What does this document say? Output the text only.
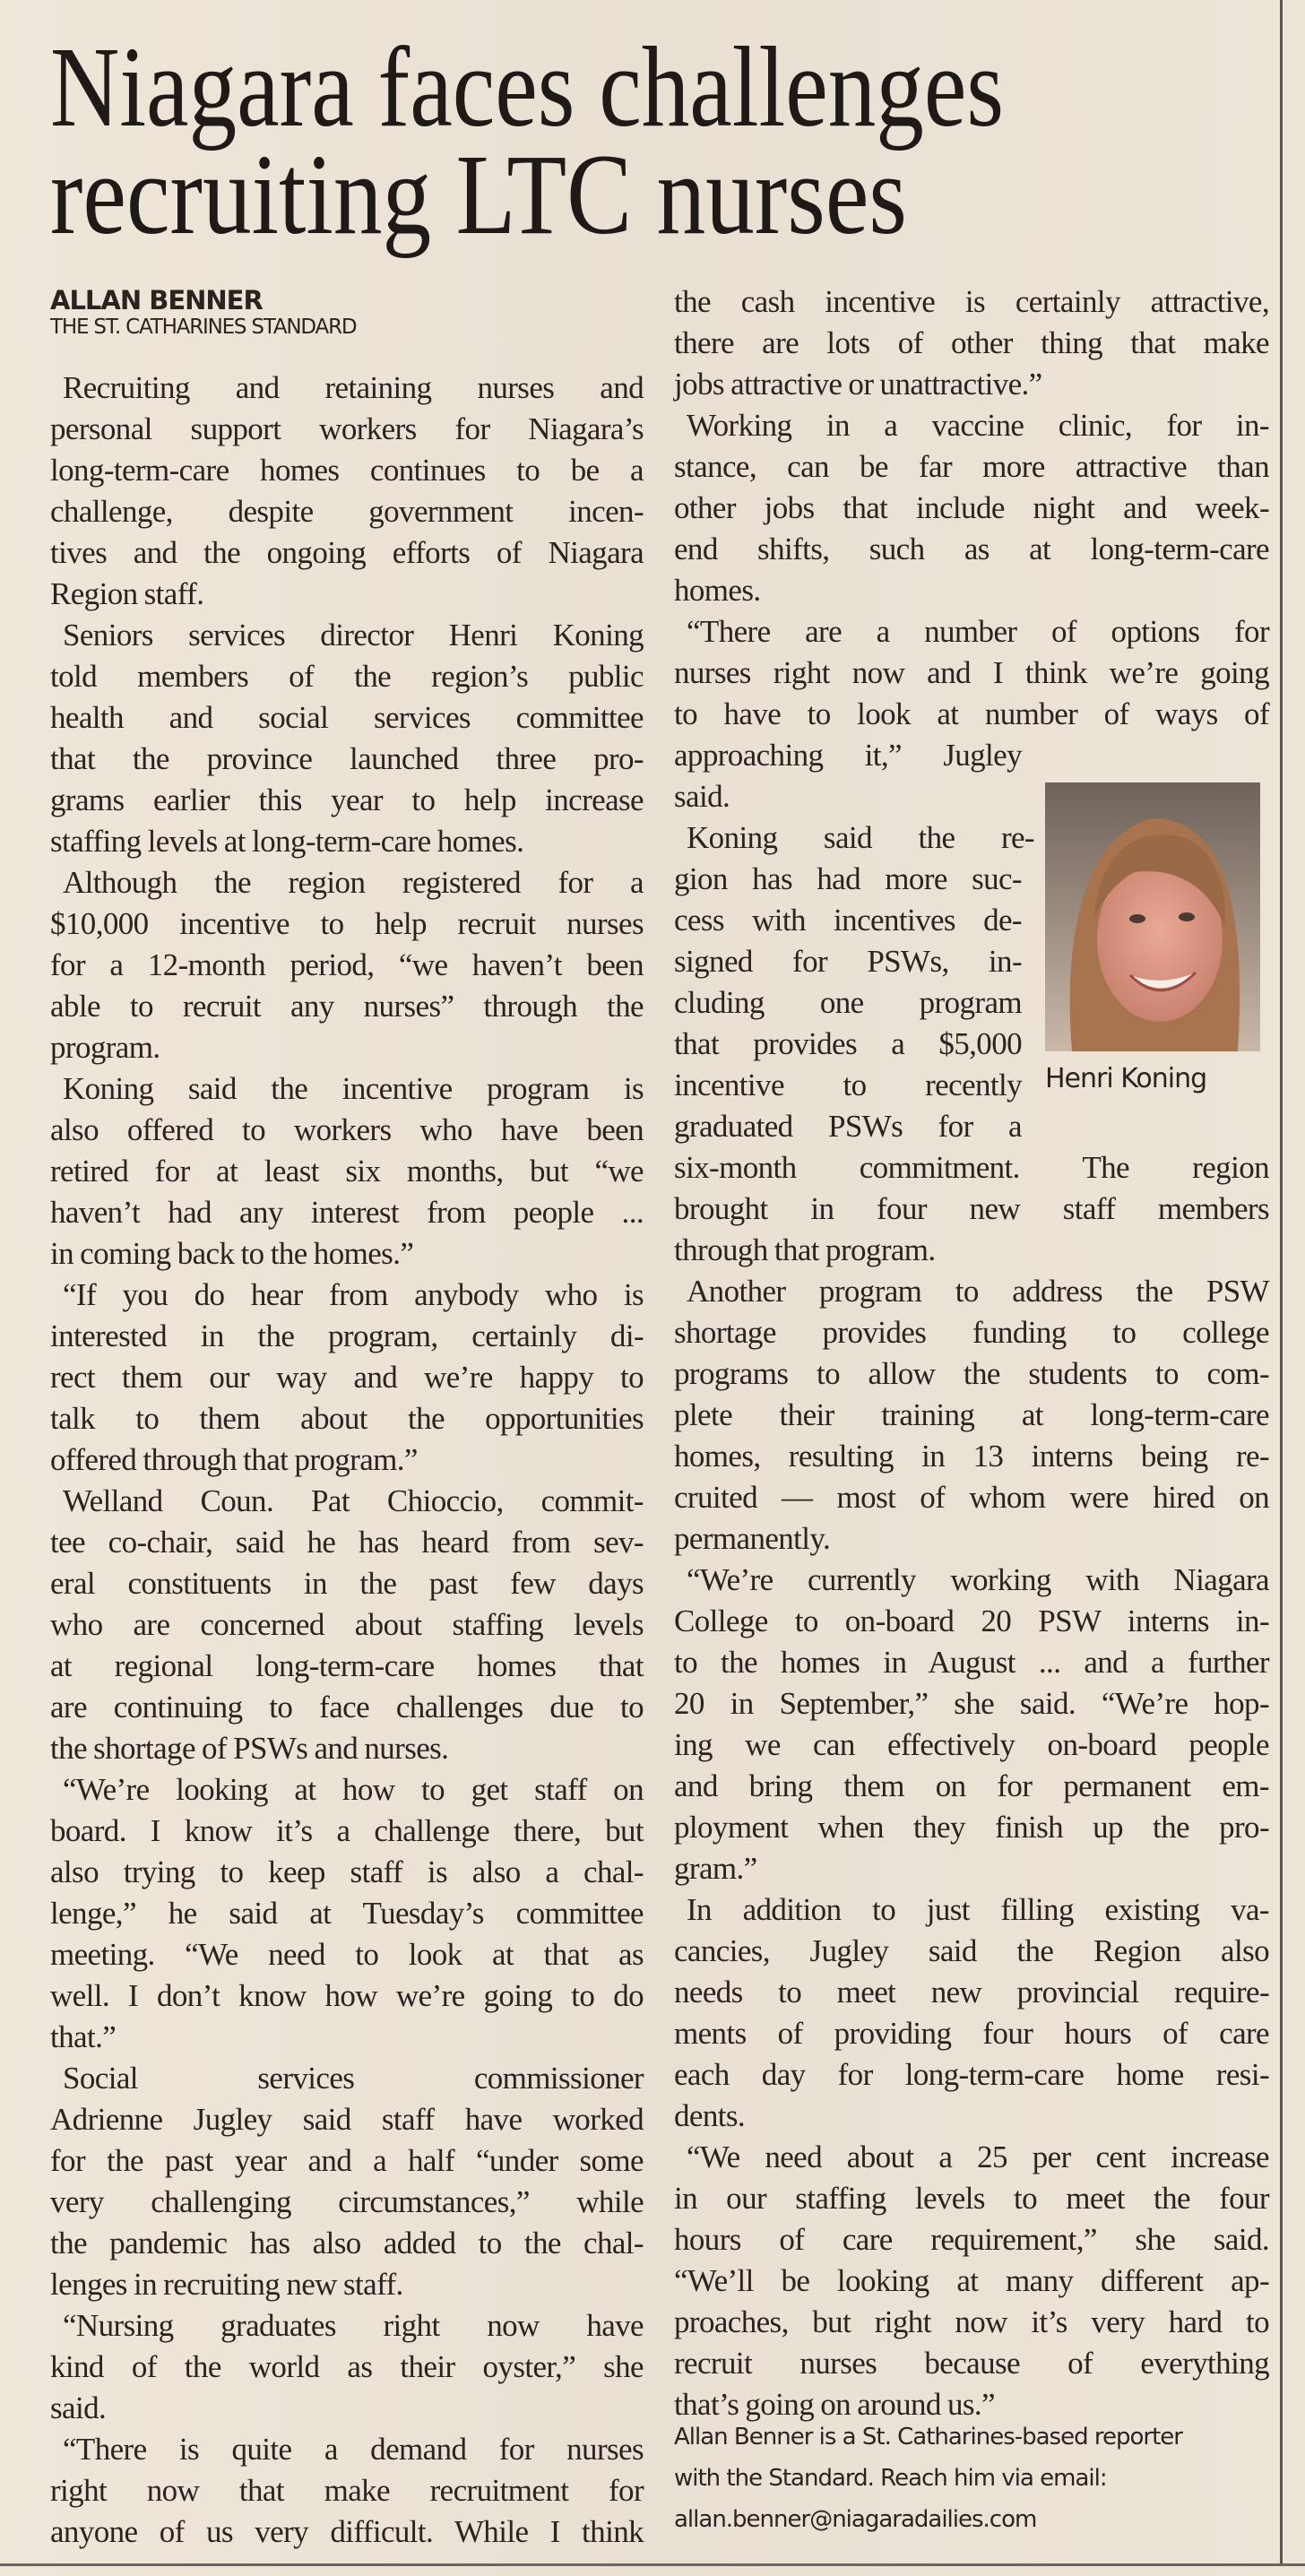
Niagara faces challenges
recruiting LTC nurses
ALLAN BENNER
THE ST. CATHARINES STANDARD
Recruiting and retaining nurses and
personal support workers for Niagara’s
long-term-care homes continues to be a
challenge, despite government incen-
tives and the ongoing efforts of Niagara
Region staff.
Seniors services director Henri Koning
told members of the region’s public
health and social services committee
that the province launched three pro-
grams earlier this year to help increase
staffing levels at long-term-care homes.
Although the region registered for a
$10,000 incentive to help recruit nurses
for a 12-month period, “we haven’t been
able to recruit any nurses” through the
program.
Koning said the incentive program is
also offered to workers who have been
retired for at least six months, but “we
haven’t had any interest from people ...
in coming back to the homes.”
“If you do hear from anybody who is
interested in the program, certainly di-
rect them our way and we’re happy to
talk to them about the opportunities
offered through that program.”
Welland Coun. Pat Chioccio, commit-
tee co-chair, said he has heard from sev-
eral constituents in the past few days
who are concerned about staffing levels
at regional long-term-care homes that
are continuing to face challenges due to
the shortage of PSWs and nurses.
“We’re looking at how to get staff on
board. I know it’s a challenge there, but
also trying to keep staff is also a chal-
lenge,” he said at Tuesday’s committee
meeting. “We need to look at that as
well. I don’t know how we’re going to do
that.”
Social services commissioner
Adrienne Jugley said staff have worked
for the past year and a half “under some
very challenging circumstances,” while
the pandemic has also added to the chal-
lenges in recruiting new staff.
“Nursing graduates right now have
kind of the world as their oyster,” she
said.
“There is quite a demand for nurses
right now that make recruitment for
anyone of us very difficult. While I think
the cash incentive is certainly attractive,
there are lots of other thing that make
jobs attractive or unattractive.”
Working in a vaccine clinic, for in-
stance, can be far more attractive than
other jobs that include night and week-
end shifts, such as at long-term-care
homes.
“There are a number of options for
nurses right now and I think we’re going
to have to look at number of ways of
approaching it,” Jugley
said.
Koning said the re-
gion has had more suc-
cess with incentives de-
signed for PSWs, in-
cluding one program
that provides a $5,000
incentive to recently
graduated PSWs for a
six-month commitment. The region
brought in four new staff members
through that program.
Another program to address the PSW
shortage provides funding to college
programs to allow the students to com-
plete their training at long-term-care
homes, resulting in 13 interns being re-
cruited — most of whom were hired on
permanently.
“We’re currently working with Niagara
College to on-board 20 PSW interns in-
to the homes in August ... and a further
20 in September,” she said. “We’re hop-
ing we can effectively on-board people
and bring them on for permanent em-
ployment when they finish up the pro-
gram.”
In addition to just filling existing va-
cancies, Jugley said the Region also
needs to meet new provincial require-
ments of providing four hours of care
each day for long-term-care home resi-
dents.
“We need about a 25 per cent increase
in our staffing levels to meet the four
hours of care requirement,” she said.
“We’ll be looking at many different ap-
proaches, but right now it’s very hard to
recruit nurses because of everything
that’s going on around us.”
Henri Koning
Allan Benner is a St. Catharines-based reporter
with the Standard. Reach him via email:
allan.benner@niagaradailies.com
